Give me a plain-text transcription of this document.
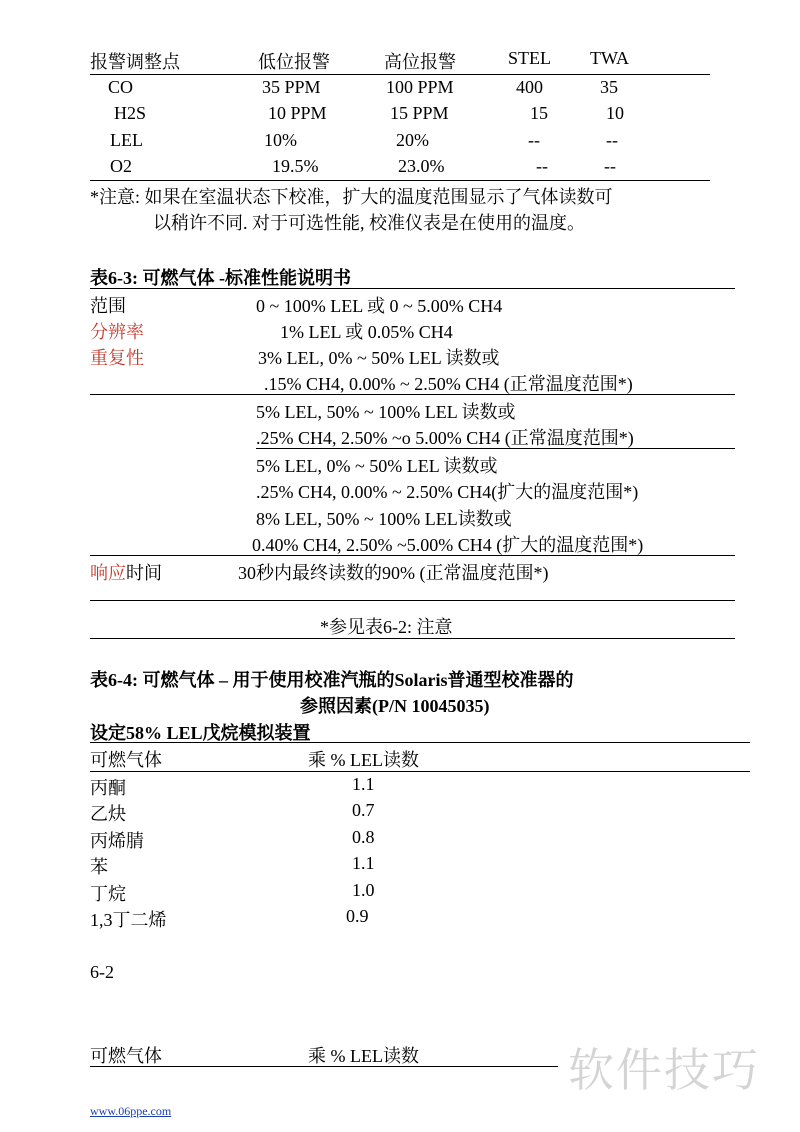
报警调整点	低位报警	高位报警	STEL TWA
CO	35 PPM	100 PPM	400	35
H2S	10 PPM	15 PPM	15	10
LEL	10%	20%	--	--
O2	19.5%	23.0%	--	--
*注意: 如果在室温状态下校准，扩大的温度范围显示了气体读数可
以稍许不同. 对于可选性能, 校准仪表是在使用的温度。
表6-3: 可燃气体 -标准性能说明书
范围	0 ~ 100% LEL 或 0 ~ 5.00% CH4
分辨率	1% LEL 或 0.05% CH4
重复性	3% LEL, 0% ~ 50% LEL 读数或
.15% CH4, 0.00% ~ 2.50% CH4 (正常温度范围*)
5% LEL, 50% ~ 100% LEL 读数或
.25% CH4, 2.50% ~o 5.00% CH4 (正常温度范围*)
5% LEL, 0% ~ 50% LEL 读数或
.25% CH4, 0.00% ~ 2.50% CH4(扩大的温度范围*)
8% LEL, 50% ~ 100% LEL读数或
0.40% CH4, 2.50% ~5.00% CH4 (扩大的温度范围*)
响应时间	30秒内最终读数的90% (正常温度范围*)
*参见表6-2: 注意
表6-4: 可燃气体 – 用于使用校准汽瓶的Solaris普通型校准器的
参照因素(P/N 10045035)
设定58% LEL戊烷模拟装置
可燃气体	乘 % LEL读数
丙酮	1.1
乙炔	0.7
丙烯腈	0.8
苯	1.1
丁烷	1.0
1,3丁二烯	0.9
6-2
可燃气体	乘 % LEL读数	软件技巧
www.06ppe.com
